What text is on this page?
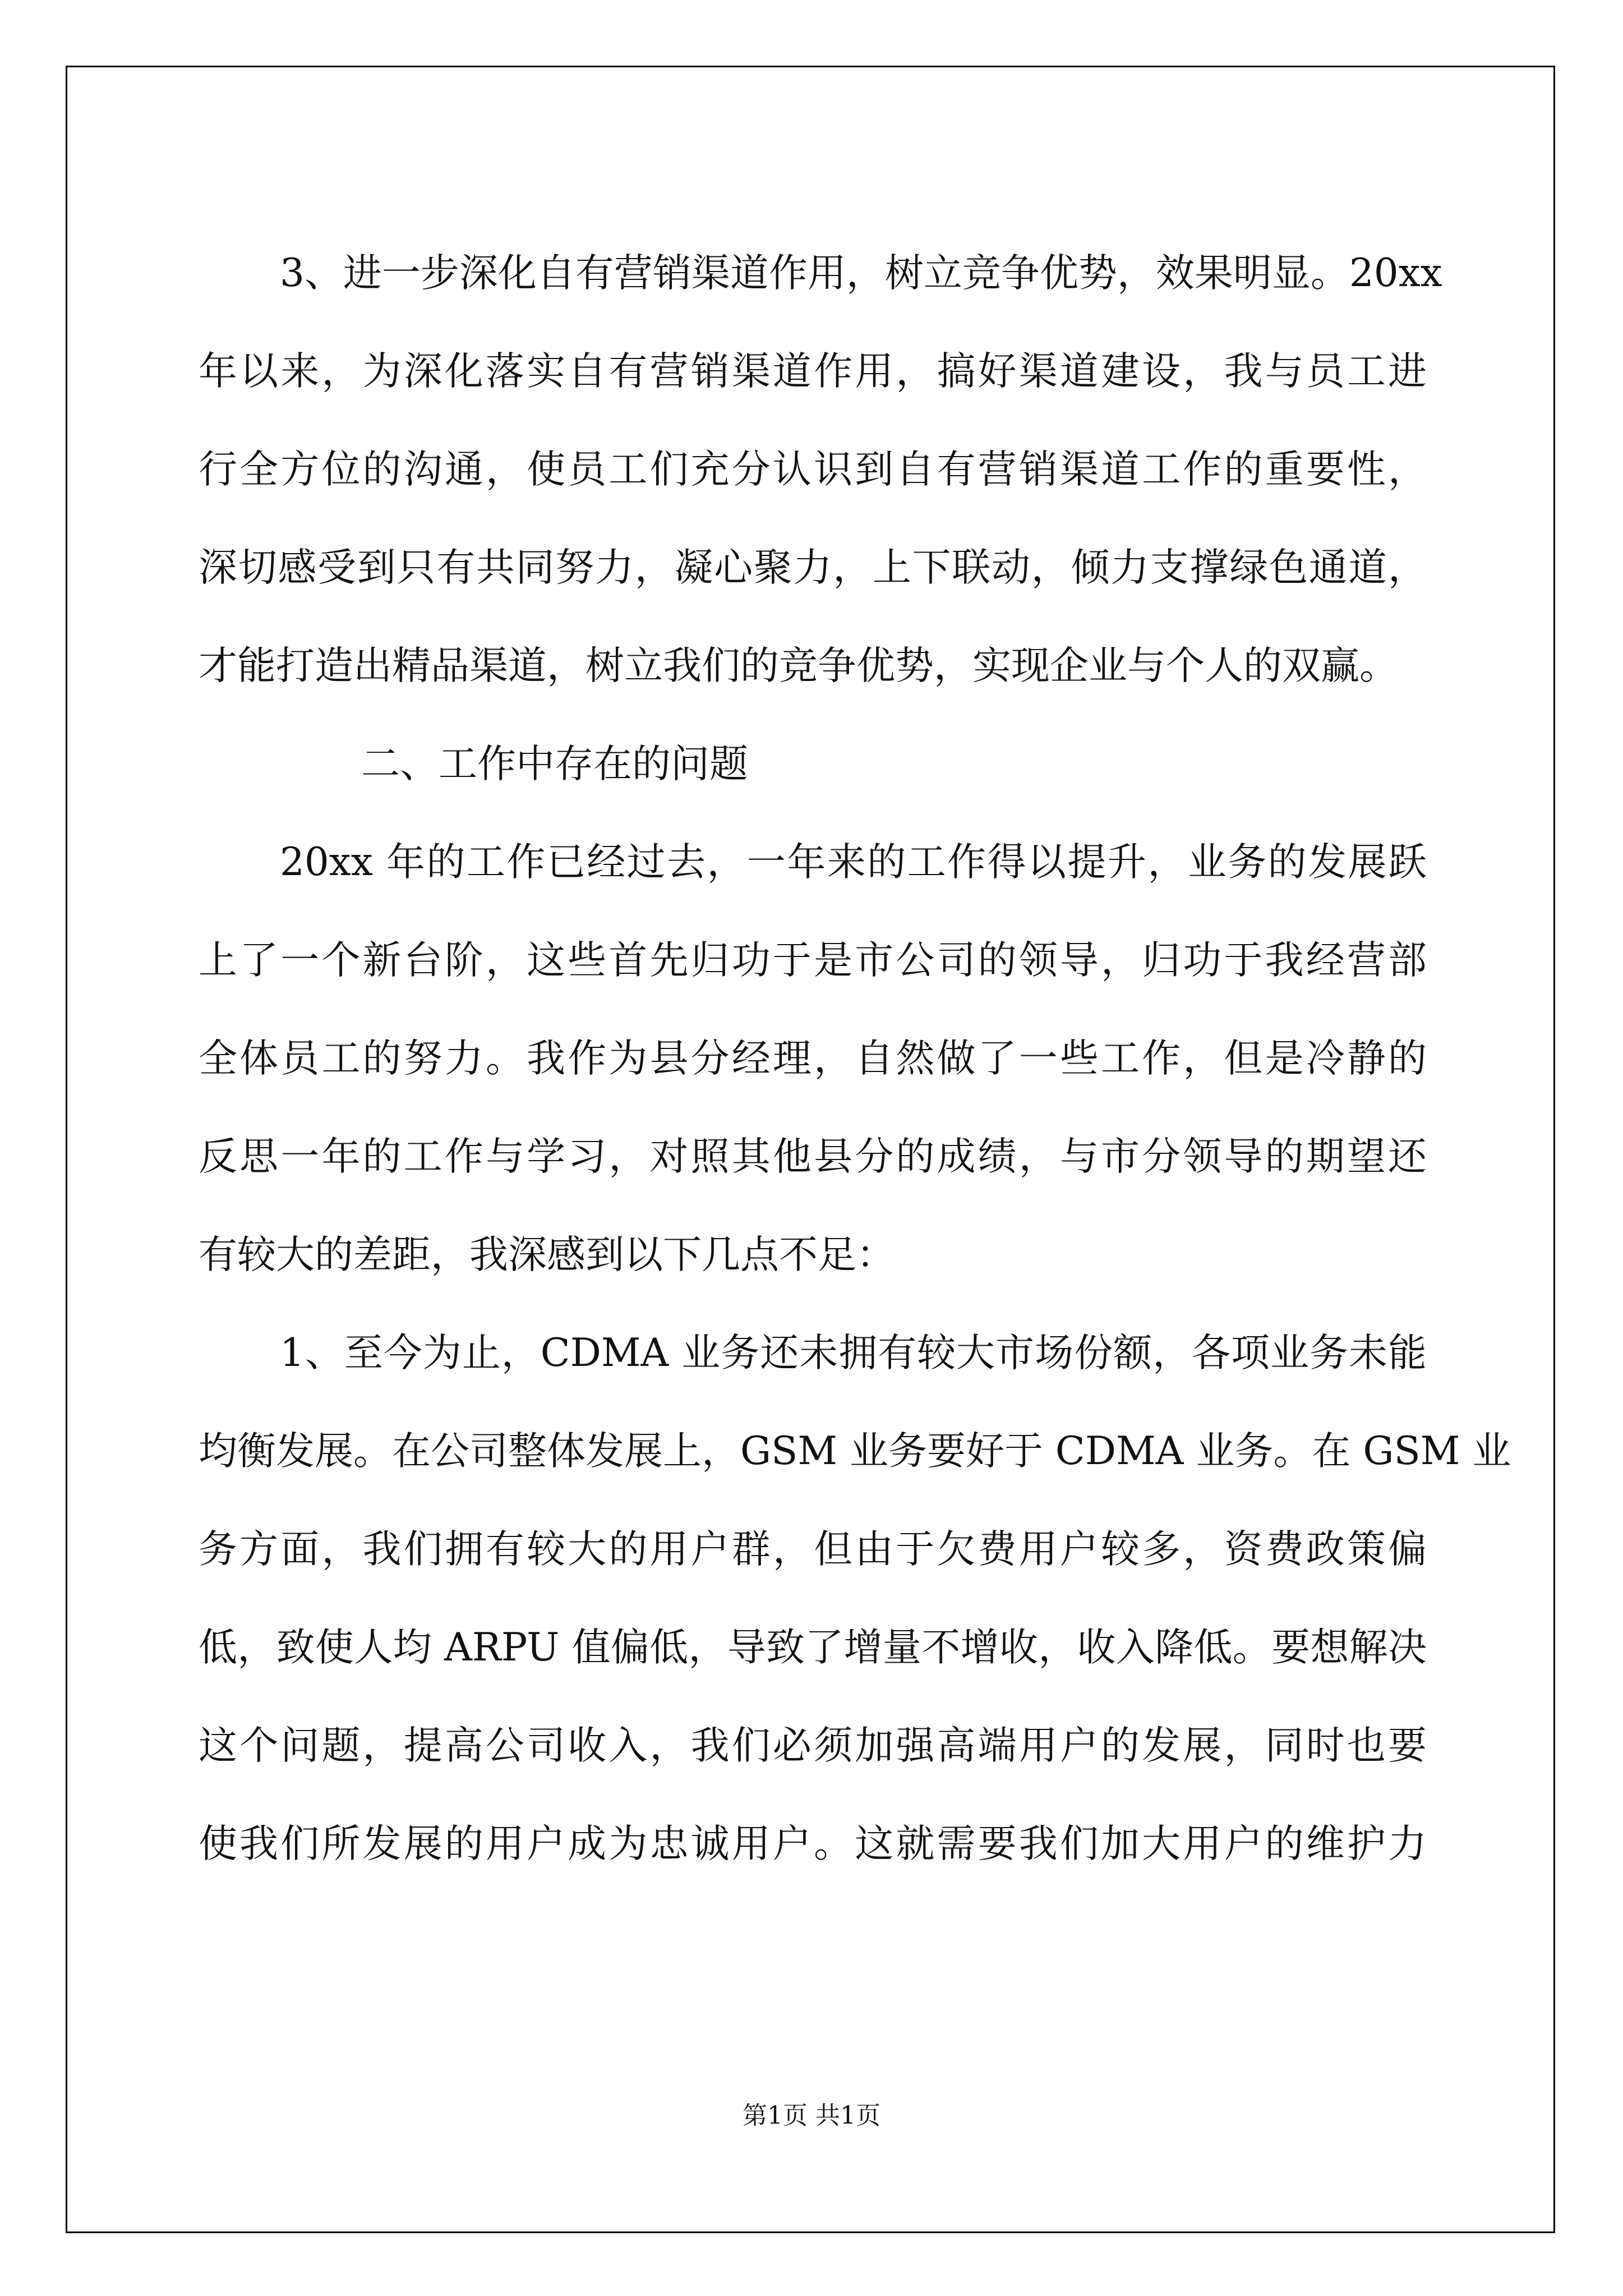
3、进一步深化自有营销渠道作用，树立竞争优势，效果明显。20xx
年以来，为深化落实自有营销渠道作用，搞好渠道建设，我与员工进
行全方位的沟通，使员工们充分认识到自有营销渠道工作的重要性，
深切感受到只有共同努力，凝心聚力，上下联动，倾力支撑绿色通道，
才能打造出精品渠道，树立我们的竞争优势，实现企业与个人的双赢。
二、工作中存在的问题
20xx 年的工作已经过去，一年来的工作得以提升，业务的发展跃
上了一个新台阶，这些首先归功于是市公司的领导，归功于我经营部
全体员工的努力。我作为县分经理，自然做了一些工作，但是冷静的
反思一年的工作与学习，对照其他县分的成绩，与市分领导的期望还
有较大的差距，我深感到以下几点不足：
1、至今为止，CDMA 业务还未拥有较大市场份额，各项业务未能
均衡发展。在公司整体发展上，GSM 业务要好于 CDMA 业务。在 GSM 业
务方面，我们拥有较大的用户群，但由于欠费用户较多，资费政策偏
低，致使人均 ARPU 值偏低，导致了增量不增收，收入降低。要想解决
这个问题，提高公司收入，我们必须加强高端用户的发展，同时也要
使我们所发展的用户成为忠诚用户。这就需要我们加大用户的维护力
第1页 共1页
